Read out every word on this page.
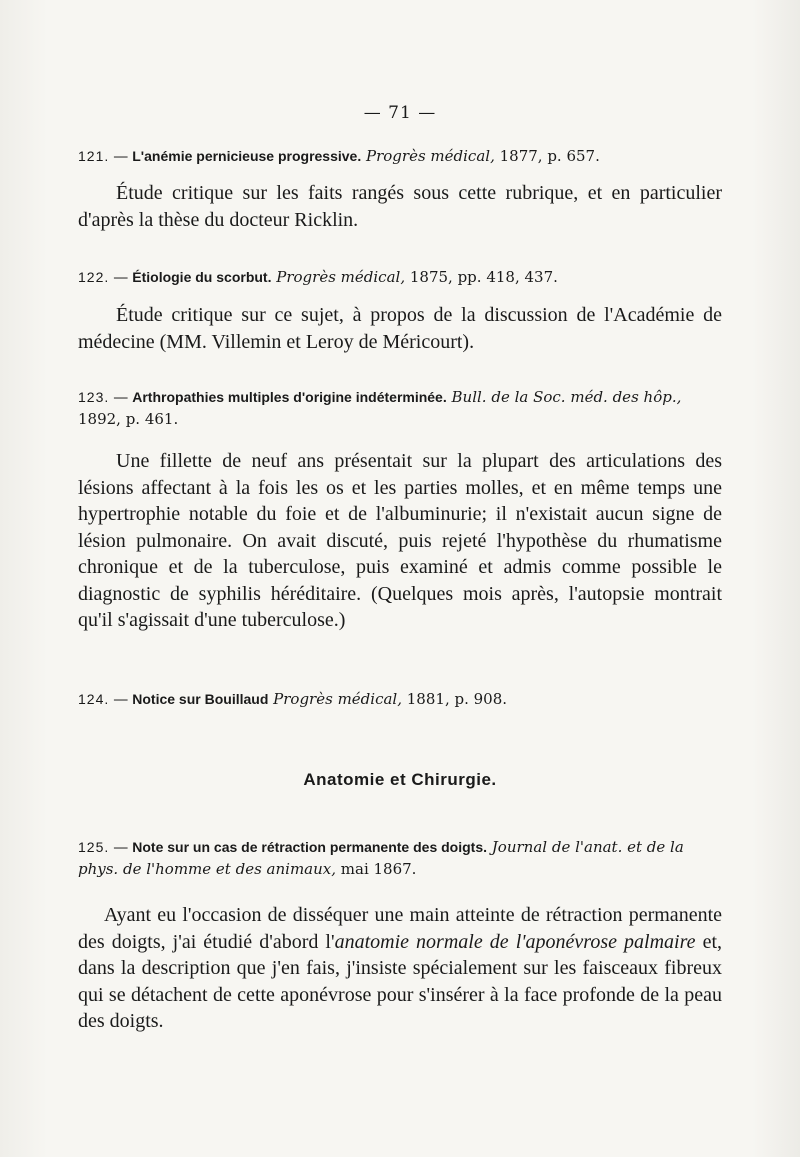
— 71 —
121. — L'anémie pernicieuse progressive. Progrès médical, 1877, p. 657.

Étude critique sur les faits rangés sous cette rubrique, et en particulier d'après la thèse du docteur Ricklin.

122. — Étiologie du scorbut. Progrès médical, 1875, pp. 418, 437.

Étude critique sur ce sujet, à propos de la discussion de l'Académie de médecine (MM. Villemin et Leroy de Méricourt).

123. — Arthropathies multiples d'origine indéterminée. Bull. de la Soc. méd. des hôp., 1892, p. 461.

Une fillette de neuf ans présentait sur la plupart des articulations des lésions affectant à la fois les os et les parties molles, et en même temps une hypertrophie notable du foie et de l'albuminurie; il n'existait aucun signe de lésion pulmonaire. On avait discuté, puis rejeté l'hypothèse du rhumatisme chronique et de la tuberculose, puis examiné et admis comme possible le diagnostic de syphilis héréditaire. (Quelques mois après, l'autopsie montrait qu'il s'agissait d'une tuberculose.)

124. — Notice sur Bouillaud Progrès médical, 1881, p. 908.
Anatomie et Chirurgie.
125. — Note sur un cas de rétraction permanente des doigts. Journal de l'anat. et de la phys. de l'homme et des animaux, mai 1867.

Ayant eu l'occasion de disséquer une main atteinte de rétraction permanente des doigts, j'ai étudié d'abord l'anatomie normale de l'aponévrose palmaire et, dans la description que j'en fais, j'insiste spécialement sur les faisceaux fibreux qui se détachent de cette aponévrose pour s'insérer à la face profonde de la peau des doigts.
